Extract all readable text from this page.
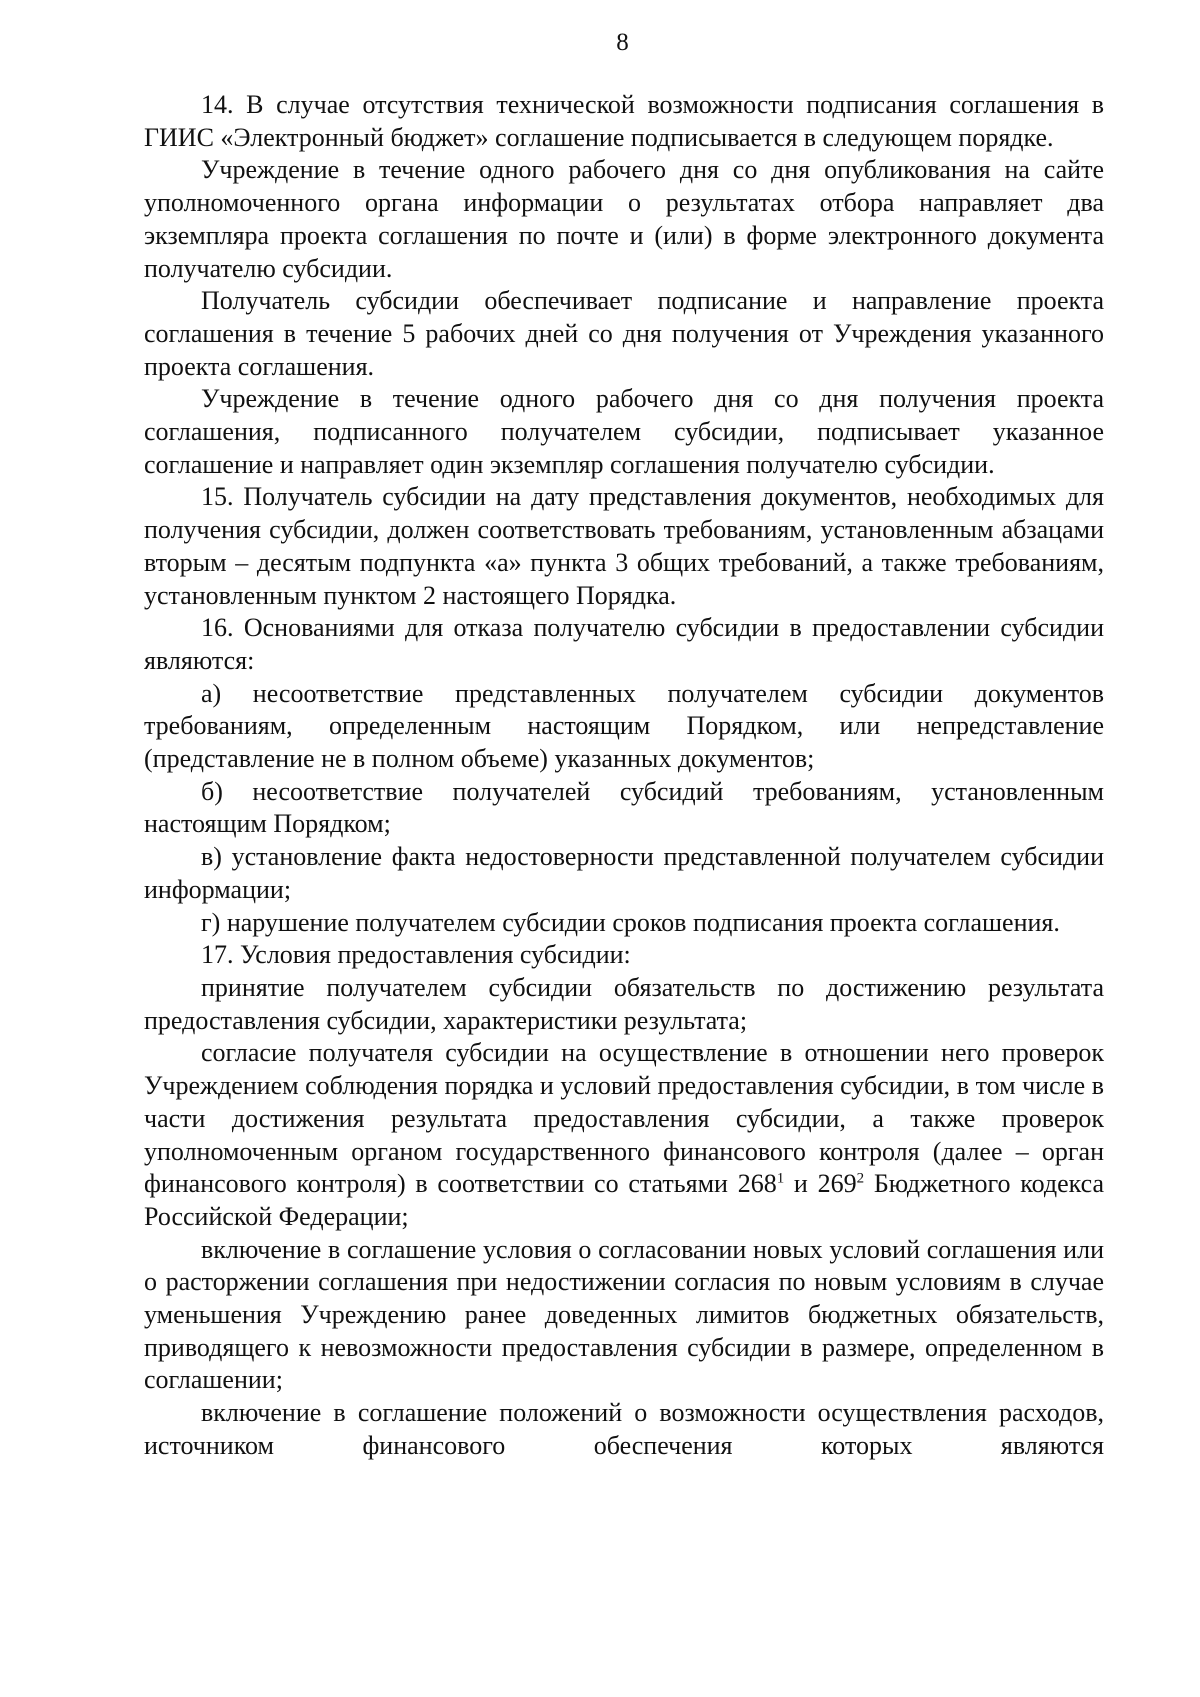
8

14. В случае отсутствия технической возможности подписания соглашения в ГИИС «Электронный бюджет» соглашение подписывается в следующем порядке.

Учреждение в течение одного рабочего дня со дня опубликования на сайте уполномоченного органа информации о результатах отбора направляет два экземпляра проекта соглашения по почте и (или) в форме электронного документа получателю субсидии.

Получатель субсидии обеспечивает подписание и направление проекта соглашения в течение 5 рабочих дней со дня получения от Учреждения указанного проекта соглашения.

Учреждение в течение одного рабочего дня со дня получения проекта соглашения, подписанного получателем субсидии, подписывает указанное соглашение и направляет один экземпляр соглашения получателю субсидии.

15. Получатель субсидии на дату представления документов, необходимых для получения субсидии, должен соответствовать требованиям, установленным абзацами вторым – десятым подпункта «а» пункта 3 общих требований, а также требованиям, установленным пунктом 2 настоящего Порядка.

16. Основаниями для отказа получателю субсидии в предоставлении субсидии являются:

а) несоответствие представленных получателем субсидии документов требованиям, определенным настоящим Порядком, или непредставление (представление не в полном объеме) указанных документов;

б) несоответствие получателей субсидий требованиям, установленным настоящим Порядком;

в) установление факта недостоверности представленной получателем субсидии информации;

г) нарушение получателем субсидии сроков подписания проекта соглашения.

17. Условия предоставления субсидии:

принятие получателем субсидии обязательств по достижению результата предоставления субсидии, характеристики результата;

согласие получателя субсидии на осуществление в отношении него проверок Учреждением соблюдения порядка и условий предоставления субсидии, в том числе в части достижения результата предоставления субсидии, а также проверок уполномоченным органом государственного финансового контроля (далее – орган финансового контроля) в соответствии со статьями $268^1$ и $269^2$ Бюджетного кодекса Российской Федерации;

включение в соглашение условия о согласовании новых условий соглашения или о расторжении соглашения при недостижении согласия по новым условиям в случае уменьшения Учреждению ранее доведенных лимитов бюджетных обязательств, приводящего к невозможности предоставления субсидии в размере, определенном в соглашении;

включение в соглашение положений о возможности осуществления расходов, источником финансового обеспечения которых являются
